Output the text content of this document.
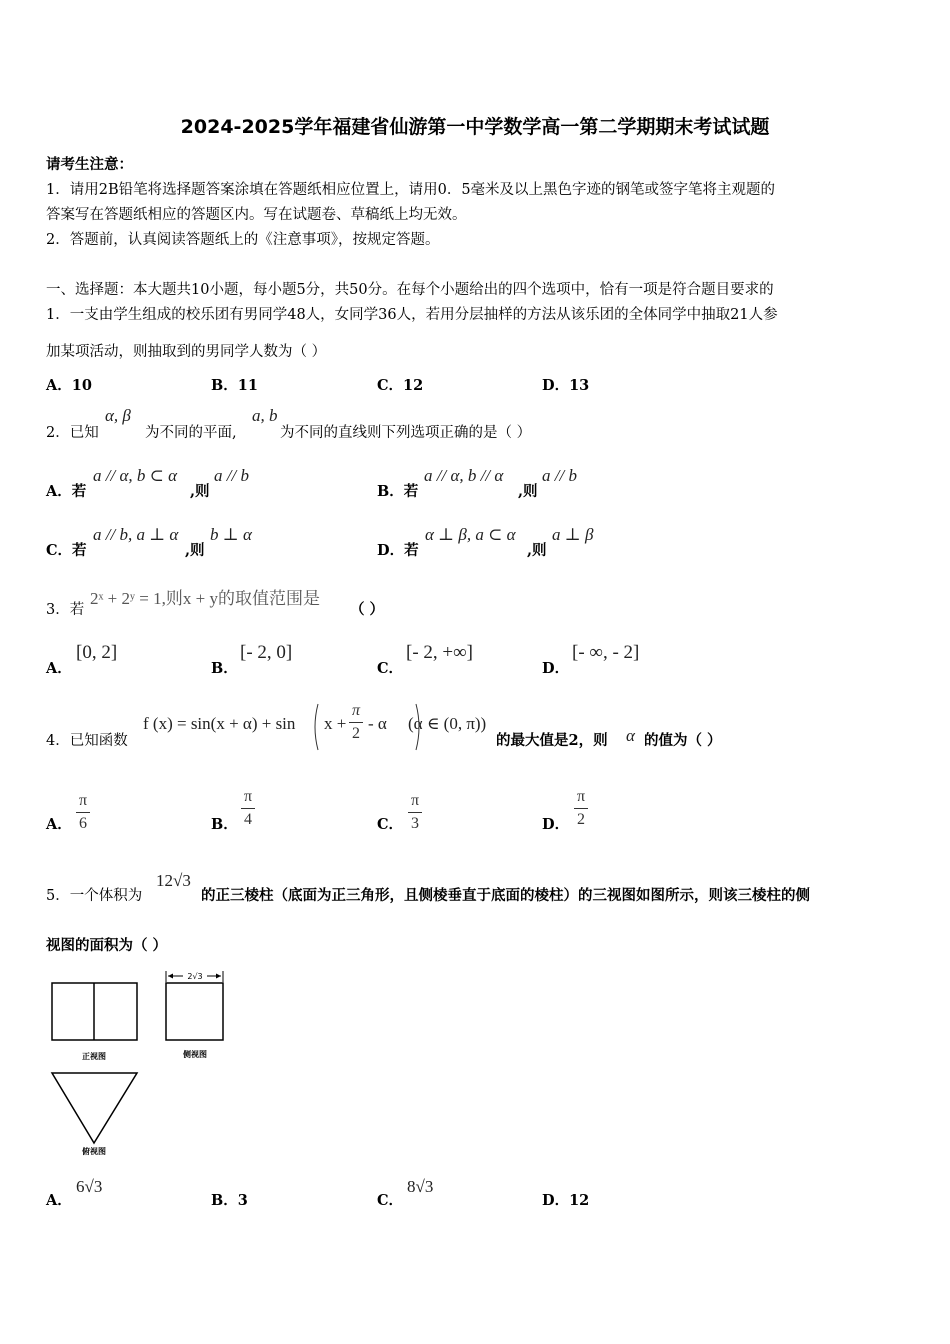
2024-2025学年福建省仙游第一中学数学高一第二学期期末考试试题
请考生注意：
1．请用2B铅笔将选择题答案涂填在答题纸相应位置上，请用0．5毫米及以上黑色字迹的钢笔或签字笔将主观题的
答案写在答题纸相应的答题区内。写在试题卷、草稿纸上均无效。
2．答题前，认真阅读答题纸上的《注意事项》，按规定答题。
一、选择题：本大题共10小题，每小题5分，共50分。在每个小题给出的四个选项中，恰有一项是符合题目要求的
1．一支由学生组成的校乐团有男同学48人，女同学36人，若用分层抽样的方法从该乐团的全体同学中抽取21人参
加某项活动，则抽取到的男同学人数为（ ）
A．10	B．11	C．12	D．13
2．已知
α, β
为不同的平面,
a, b
为不同的直线则下列选项正确的是（ ）
A．若
a // α, b ⊂ α
,则
a // b
B．若
a // α, b // α
,则
a // b
C．若
a // b, a ⊥ α
,则
b ⊥ α
D．若
α ⊥ β, a ⊂ α
,则
a ⊥ β
3．若
2ˣ + 2ʸ = 1,则x + y的取值范围是
（ ）
A．
[0, 2]
B．
[- 2, 0]
C．
[- 2, +∞]
D．
[- ∞, - 2]
4．已知函数
f (x) = sin(x + α) + sin x +
π
2
- α (α ∈ (0, π))
的最大值是2，则 α 的值为（ ）
A．
π
6	B．
π
4	C．
π
3	D．
π
2
5．一个体积为
12√3
的正三棱柱（底面为正三角形，且侧棱垂直于底面的棱柱）的三视图如图所示，则该三棱柱的侧
视图的面积为（ ）
正视图
2√3
侧视图
俯视图
A．
6√3
B．3	C．
8√3
D．12
